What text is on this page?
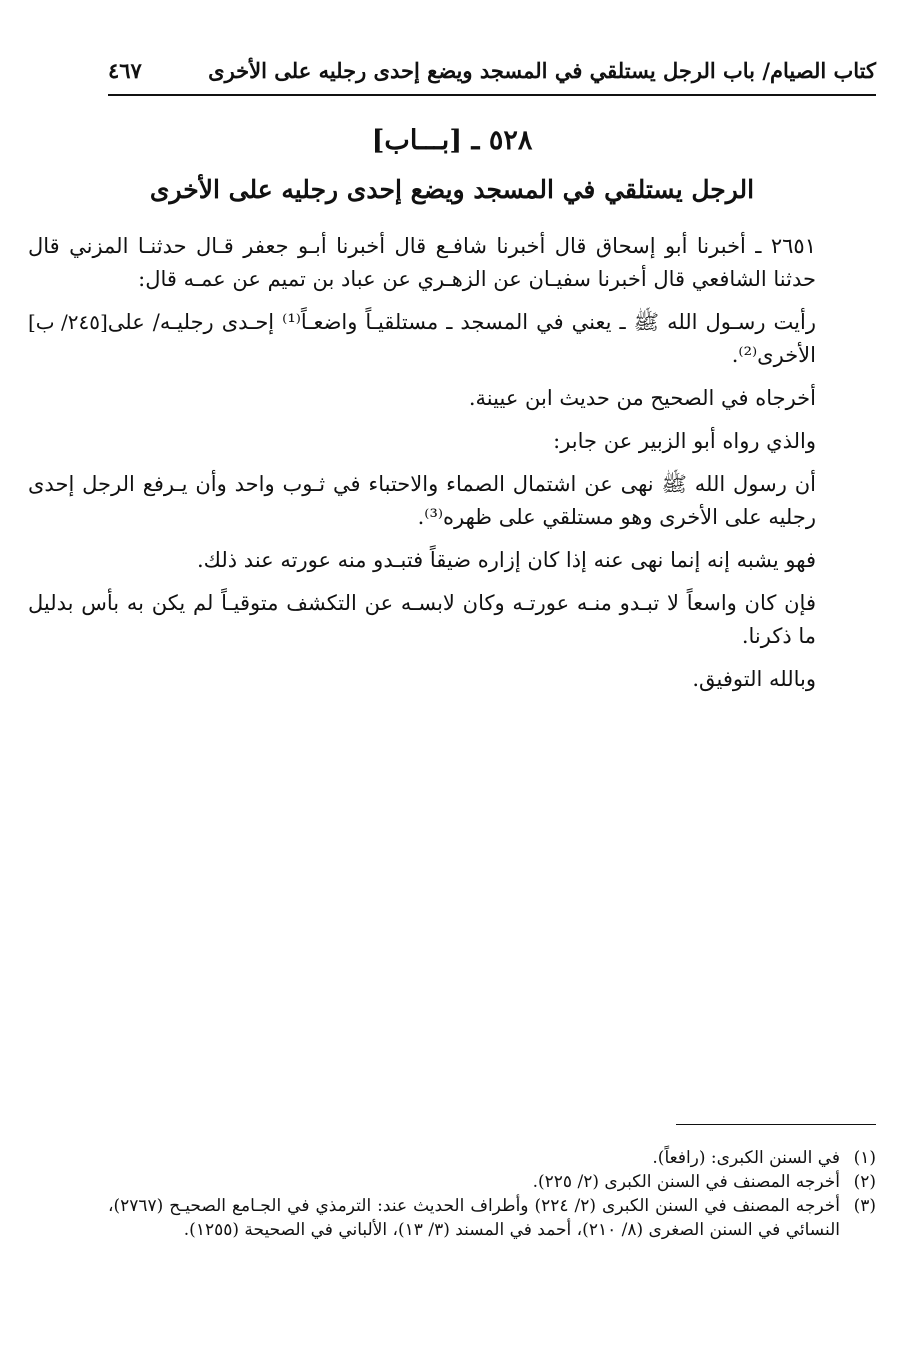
كتاب الصيام/ باب الرجل يستلقي في المسجد ويضع إحدى رجليه على الأخرى
٤٦٧
٥٢٨ ـ [بـــاب]
الرجل يستلقي في المسجد ويضع إحدى رجليه على الأخرى

٢٦٥١ ـ أخبرنا أبو إسحاق قال أخبرنا شافـع قال أخبرنا أبـو جعفر قـال حدثنـا المزني قال حدثنا الشافعي قال أخبرنا سفيـان عن الزهـري عن عباد بن تميم عن عمـه قال:

[٢٤٥/ ب] رأيت رسـول الله ﷺ ـ يعني في المسجد ـ مستلقيـاً واضعـاً⁽¹⁾ إحـدى رجليـه/ على الأخرى⁽²⁾.

أخرجاه في الصحيح من حديث ابن عيينة.

والذي رواه أبو الزبير عن جابر:

أن رسول الله ﷺ نهى عن اشتمال الصماء والاحتباء في ثـوب واحد وأن يـرفع الرجل إحدى رجليه على الأخرى وهو مستلقي على ظهره⁽³⁾.

فهو يشبه إنه إنما نهى عنه إذا كان إزاره ضيقاً فتبـدو منه عورته عند ذلك.

فإن كان واسعاً لا تبـدو منـه عورتـه وكان لابسـه عن التكشف متوقيـاً لم يكن به بأس بدليل ما ذكرنا.

وبالله التوفيق.

(١)
في السنن الكبرى: (رافعاً).
(٢)
أخرجه المصنف في السنن الكبرى (٢/ ٢٢٥).
(٣)
أخرجه المصنف في السنن الكبرى (٢/ ٢٢٤) وأطراف الحديث عند: الترمذي في الجـامع الصحيـح (٢٧٦٧)، النسائي في السنن الصغرى (٨/ ٢١٠)، أحمد في المسند (٣/ ١٣)، الألباني في الصحيحة (١٢٥٥).
